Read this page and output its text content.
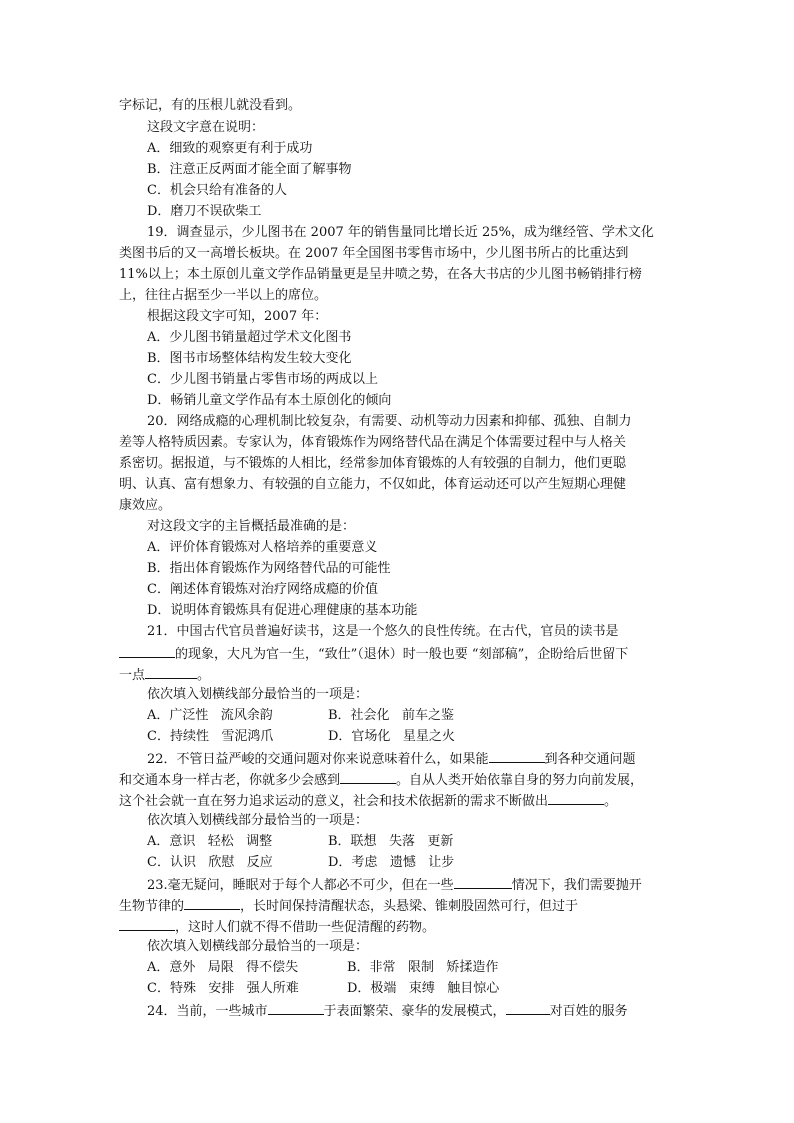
字标记，有的压根儿就没看到。
这段文字意在说明：
A．细致的观察更有利于成功
B．注意正反两面才能全面了解事物
C．机会只给有准备的人
D．磨刀不误砍柴工
19．调查显示，少儿图书在 2007 年的销售量同比增长近 25%，成为继经管、学术文化
类图书后的又一高增长板块。在 2007 年全国图书零售市场中，少儿图书所占的比重达到
11%以上；本土原创儿童文学作品销量更是呈井喷之势，在各大书店的少儿图书畅销排行榜
上，往往占据至少一半以上的席位。
根据这段文字可知，2007 年：
A．少儿图书销量超过学术文化图书
B．图书市场整体结构发生较大变化
C．少儿图书销量占零售市场的两成以上
D．畅销儿童文学作品有本土原创化的倾向
20．网络成瘾的心理机制比较复杂，有需要、动机等动力因素和抑郁、孤独、自制力
差等人格特质因素。专家认为，体育锻炼作为网络替代品在满足个体需要过程中与人格关
系密切。据报道，与不锻炼的人相比，经常参加体育锻炼的人有较强的自制力，他们更聪
明、认真、富有想象力、有较强的自立能力，不仅如此，体育运动还可以产生短期心理健
康效应。
对这段文字的主旨概括最准确的是：
A．评价体育锻炼对人格培养的重要意义
B．指出体育锻炼作为网络替代品的可能性
C．阐述体育锻炼对治疗网络成瘾的价值
D．说明体育锻炼具有促进心理健康的基本功能
21．中国古代官员普遍好读书，这是一个悠久的良性传统。在古代，官员的读书是
的现象，大凡为官一生，“致仕”（退休）时一般也要 “刻部稿”，企盼给后世留下
一点	。
依次填入划横线部分最恰当的一项是：
A．广泛性   流风余韵	B．社会化   前车之鉴
C．持续性   雪泥鸿爪	D．官场化   星星之火
22．不管日益严峻的交通问题对你来说意味着什么，如果能	到各种交通问题
和交通本身一样古老，你就多少会感到	。自从人类开始依靠自身的努力向前发展，
这个社会就一直在努力追求运动的意义，社会和技术依据新的需求不断做出	。
依次填入划横线部分最恰当的一项是：
A．意识   轻松   调整	B．联想   失落   更新
C．认识   欣慰   反应	D．考虑   遗憾   让步
23.毫无疑问，睡眠对于每个人都必不可少，但在一些	情况下，我们需要抛开
生物节律的	，长时间保持清醒状态，头悬梁、锥刺股固然可行，但过于
，这时人们就不得不借助一些促清醒的药物。
依次填入划横线部分最恰当的一项是：
A．意外   局限   得不偿失	B．非常   限制   矫揉造作
C．特殊   安排   强人所难	D．极端   束缚   触目惊心
24．当前，一些城市	于表面繁荣、豪华的发展模式，	对百姓的服务
